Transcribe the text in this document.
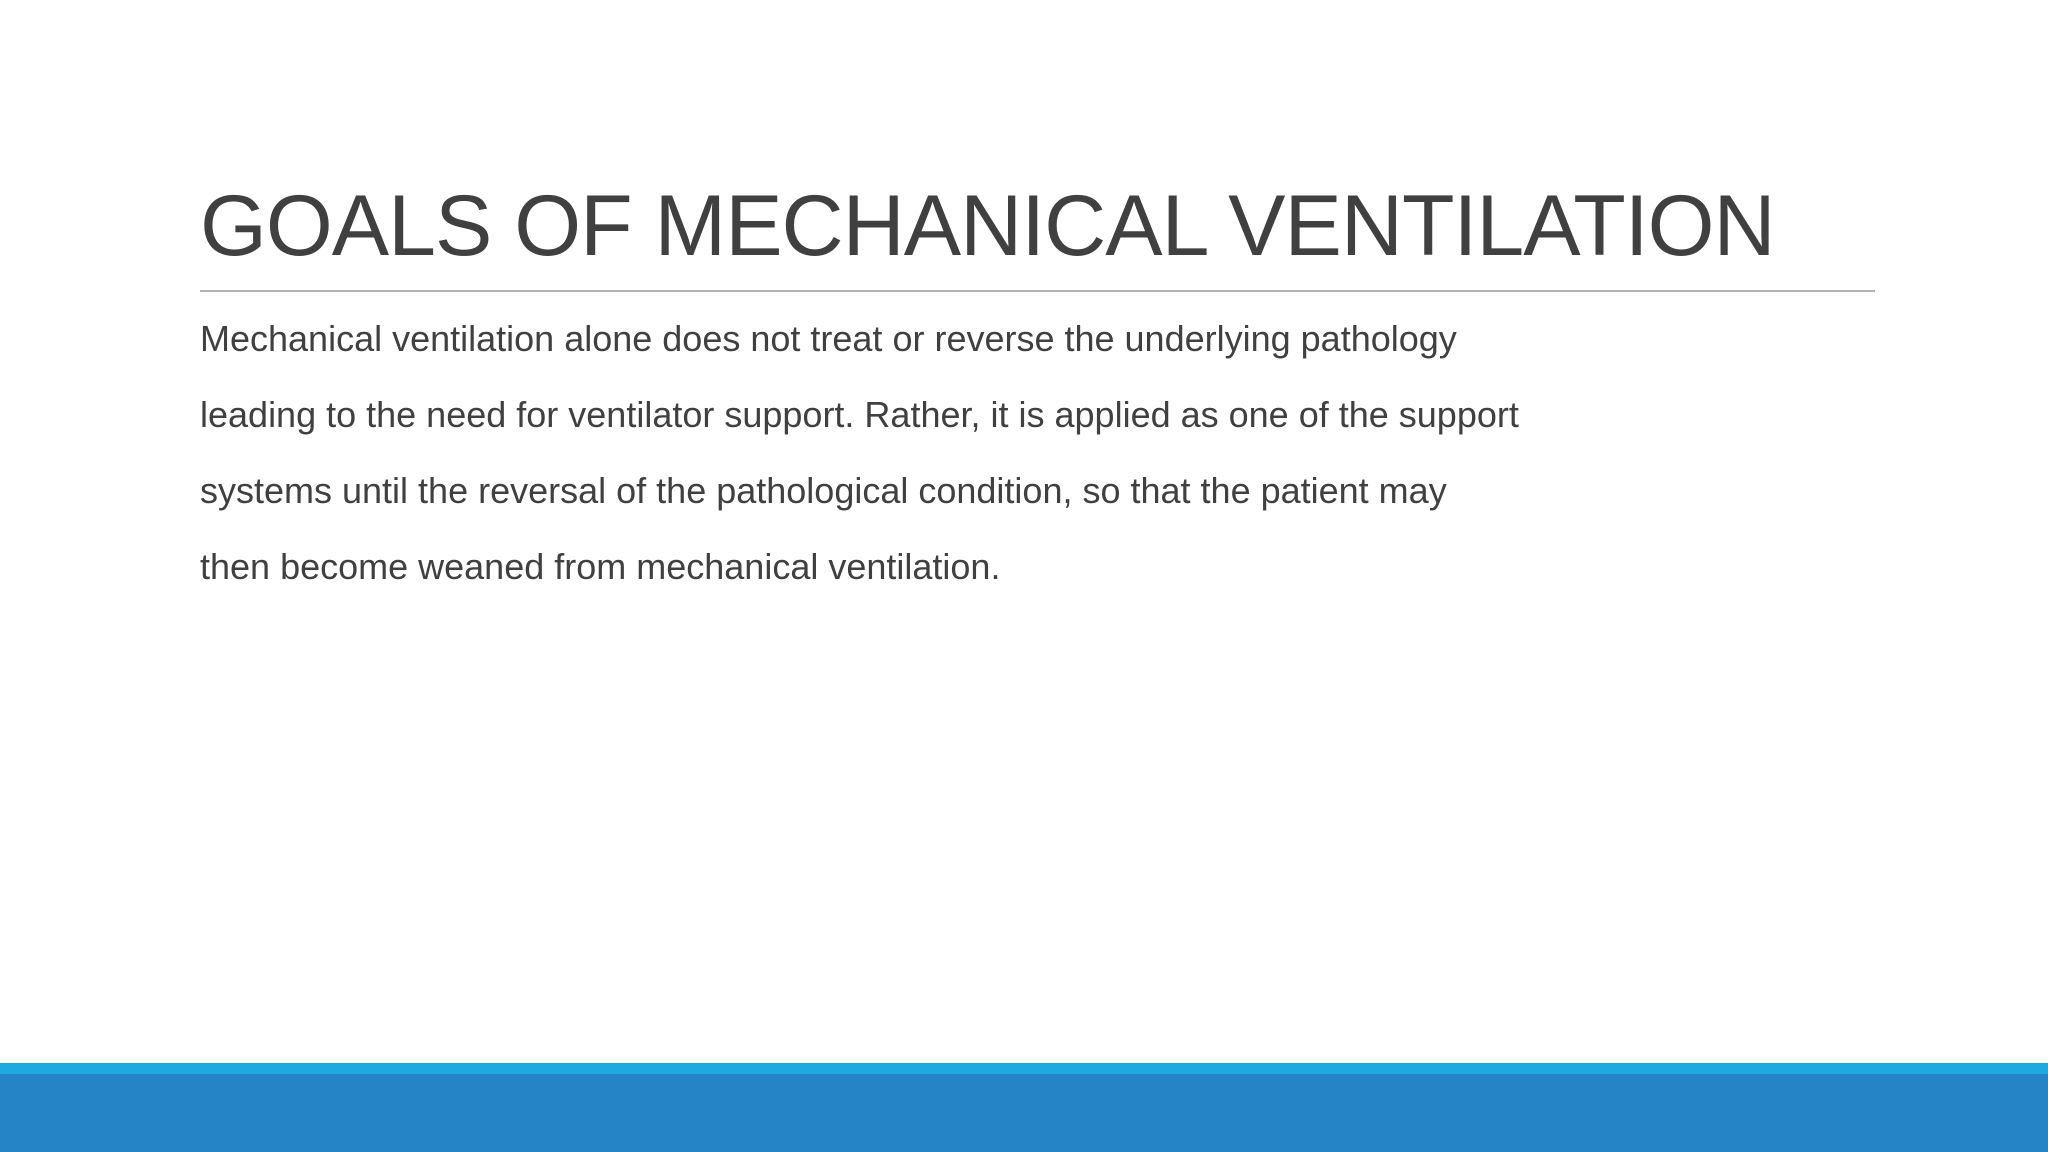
GOALS OF MECHANICAL VENTILATION

Mechanical ventilation alone does not treat or reverse the underlying pathology
leading to the need for ventilator support. Rather, it is applied as one of the support
systems until the reversal of the pathological condition, so that the patient may
then become weaned from mechanical ventilation.
